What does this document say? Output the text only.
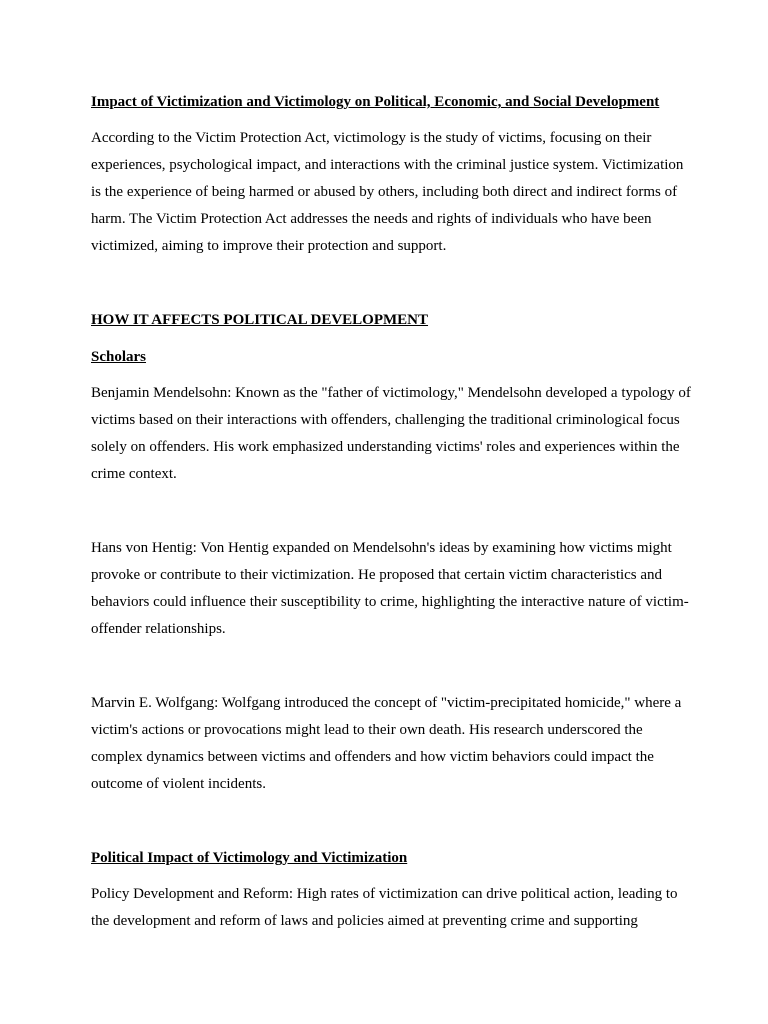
Impact of Victimization and Victimology on Political, Economic, and Social Development

According to the Victim Protection Act, victimology is the study of victims, focusing on their experiences, psychological impact, and interactions with the criminal justice system. Victimization is the experience of being harmed or abused by others, including both direct and indirect forms of harm. The Victim Protection Act addresses the needs and rights of individuals who have been victimized, aiming to improve their protection and support.

HOW IT AFFECTS POLITICAL DEVELOPMENT

Scholars

Benjamin Mendelsohn: Known as the "father of victimology," Mendelsohn developed a typology of victims based on their interactions with offenders, challenging the traditional criminological focus solely on offenders. His work emphasized understanding victims' roles and experiences within the crime context.

Hans von Hentig: Von Hentig expanded on Mendelsohn's ideas by examining how victims might provoke or contribute to their victimization. He proposed that certain victim characteristics and behaviors could influence their susceptibility to crime, highlighting the interactive nature of victim-offender relationships.

Marvin E. Wolfgang: Wolfgang introduced the concept of "victim-precipitated homicide," where a victim's actions or provocations might lead to their own death. His research underscored the complex dynamics between victims and offenders and how victim behaviors could impact the outcome of violent incidents.

Political Impact of Victimology and Victimization

Policy Development and Reform: High rates of victimization can drive political action, leading to the development and reform of laws and policies aimed at preventing crime and supporting
